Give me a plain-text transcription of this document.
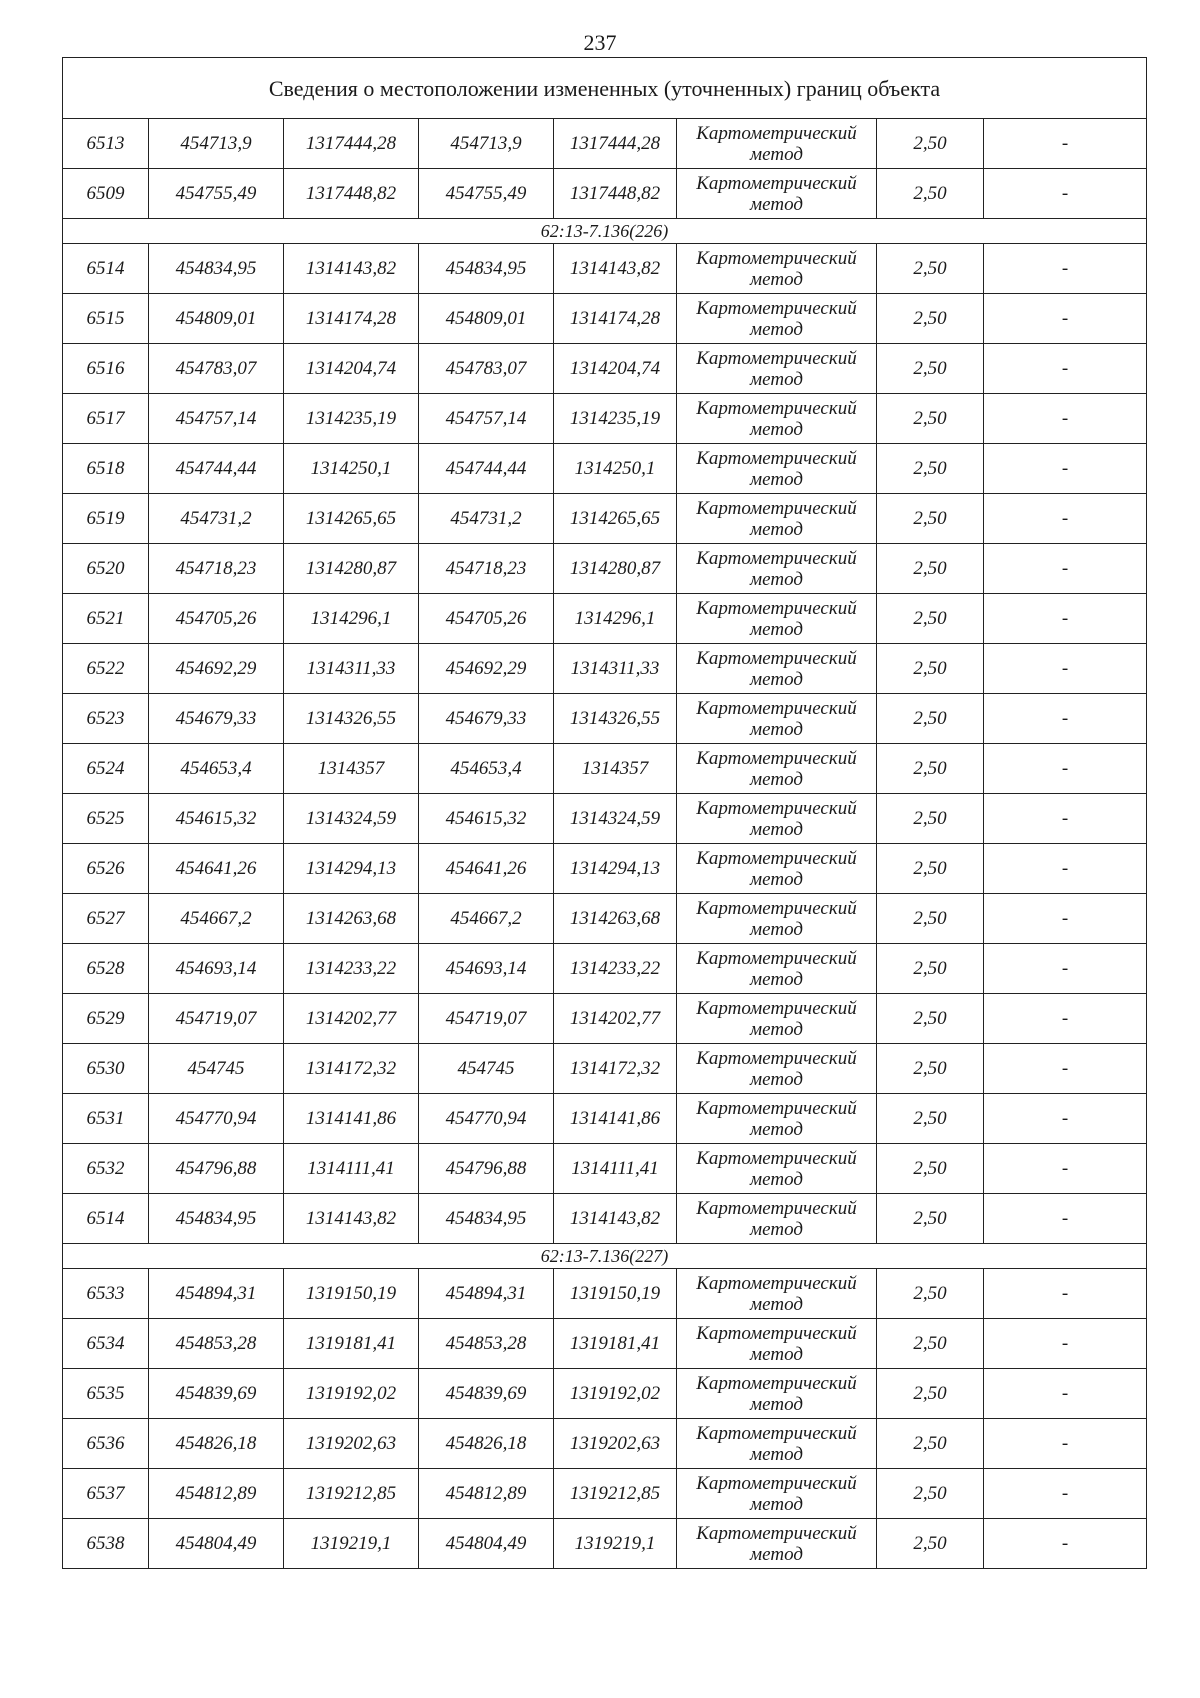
237
Сведения о местоположении измененных (уточненных) границ объекта							
6513	454713,9	1317444,28	454713,9	1317444,28	Картометрический метод	2,50	-
6509	454755,49	1317448,82	454755,49	1317448,82	Картометрический метод	2,50	-
62:13-7.136(226)							
6514	454834,95	1314143,82	454834,95	1314143,82	Картометрический метод	2,50	-
6515	454809,01	1314174,28	454809,01	1314174,28	Картометрический метод	2,50	-
6516	454783,07	1314204,74	454783,07	1314204,74	Картометрический метод	2,50	-
6517	454757,14	1314235,19	454757,14	1314235,19	Картометрический метод	2,50	-
6518	454744,44	1314250,1	454744,44	1314250,1	Картометрический метод	2,50	-
6519	454731,2	1314265,65	454731,2	1314265,65	Картометрический метод	2,50	-
6520	454718,23	1314280,87	454718,23	1314280,87	Картометрический метод	2,50	-
6521	454705,26	1314296,1	454705,26	1314296,1	Картометрический метод	2,50	-
6522	454692,29	1314311,33	454692,29	1314311,33	Картометрический метод	2,50	-
6523	454679,33	1314326,55	454679,33	1314326,55	Картометрический метод	2,50	-
6524	454653,4	1314357	454653,4	1314357	Картометрический метод	2,50	-
6525	454615,32	1314324,59	454615,32	1314324,59	Картометрический метод	2,50	-
6526	454641,26	1314294,13	454641,26	1314294,13	Картометрический метод	2,50	-
6527	454667,2	1314263,68	454667,2	1314263,68	Картометрический метод	2,50	-
6528	454693,14	1314233,22	454693,14	1314233,22	Картометрический метод	2,50	-
6529	454719,07	1314202,77	454719,07	1314202,77	Картометрический метод	2,50	-
6530	454745	1314172,32	454745	1314172,32	Картометрический метод	2,50	-
6531	454770,94	1314141,86	454770,94	1314141,86	Картометрический метод	2,50	-
6532	454796,88	1314111,41	454796,88	1314111,41	Картометрический метод	2,50	-
6514	454834,95	1314143,82	454834,95	1314143,82	Картометрический метод	2,50	-
62:13-7.136(227)							
6533	454894,31	1319150,19	454894,31	1319150,19	Картометрический метод	2,50	-
6534	454853,28	1319181,41	454853,28	1319181,41	Картометрический метод	2,50	-
6535	454839,69	1319192,02	454839,69	1319192,02	Картометрический метод	2,50	-
6536	454826,18	1319202,63	454826,18	1319202,63	Картометрический метод	2,50	-
6537	454812,89	1319212,85	454812,89	1319212,85	Картометрический метод	2,50	-
6538	454804,49	1319219,1	454804,49	1319219,1	Картометрический метод	2,50	-
